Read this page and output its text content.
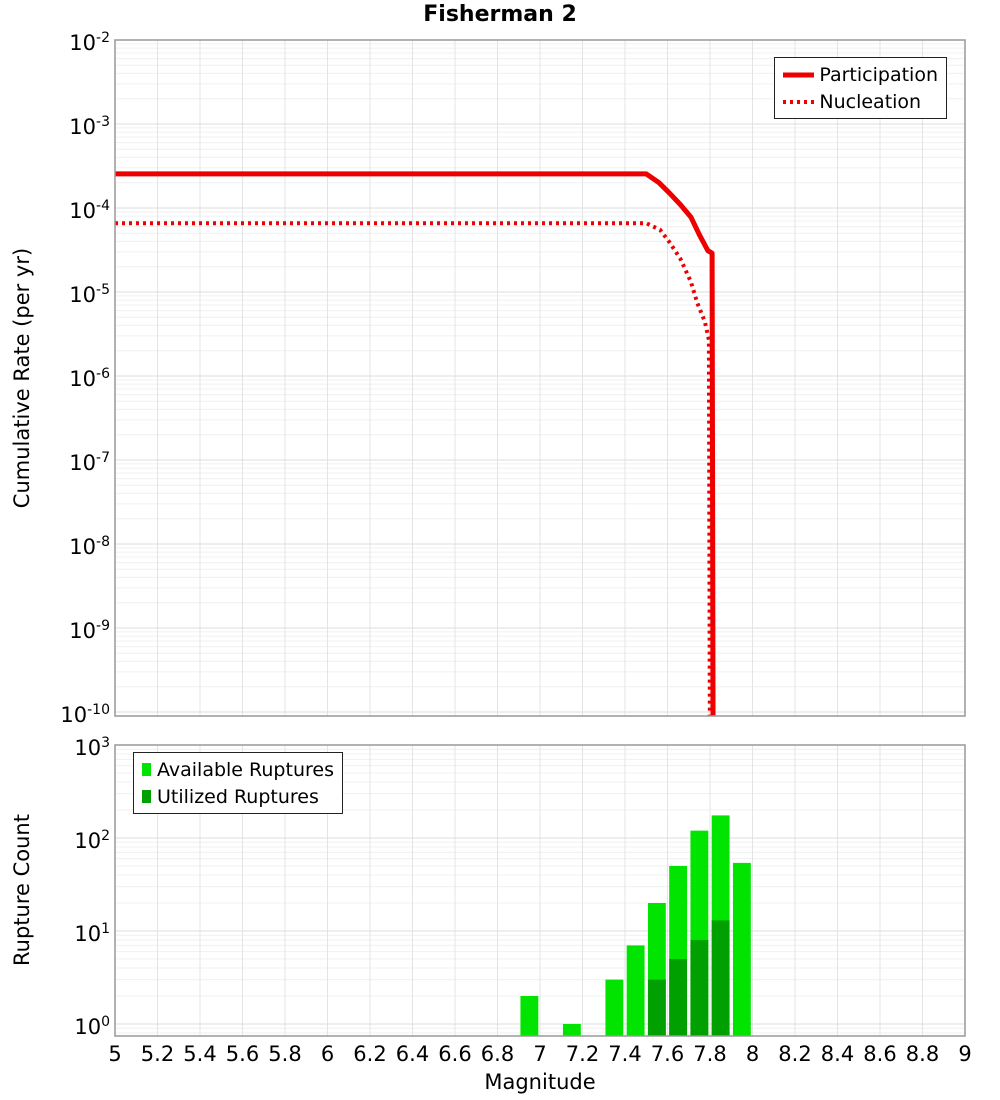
Fisherman 2
Cumulative Rate (per yr)
Rupture Count
Magnitude
Participation
Nucleation
Available Ruptures
Utilized Ruptures
$10^{-2}$
$10^{-3}$
$10^{-4}$
$10^{-5}$
$10^{-6}$
$10^{-7}$
$10^{-8}$
$10^{-9}$
$10^{-10}$
$10^3$
$10^2$
$10^1$
$10^0$
5 5.2 5.4 5.6 5.8 6 6.2 6.4 6.6 6.8 7 7.2 7.4 7.6 7.8 8 8.2 8.4 8.6 8.8 9
